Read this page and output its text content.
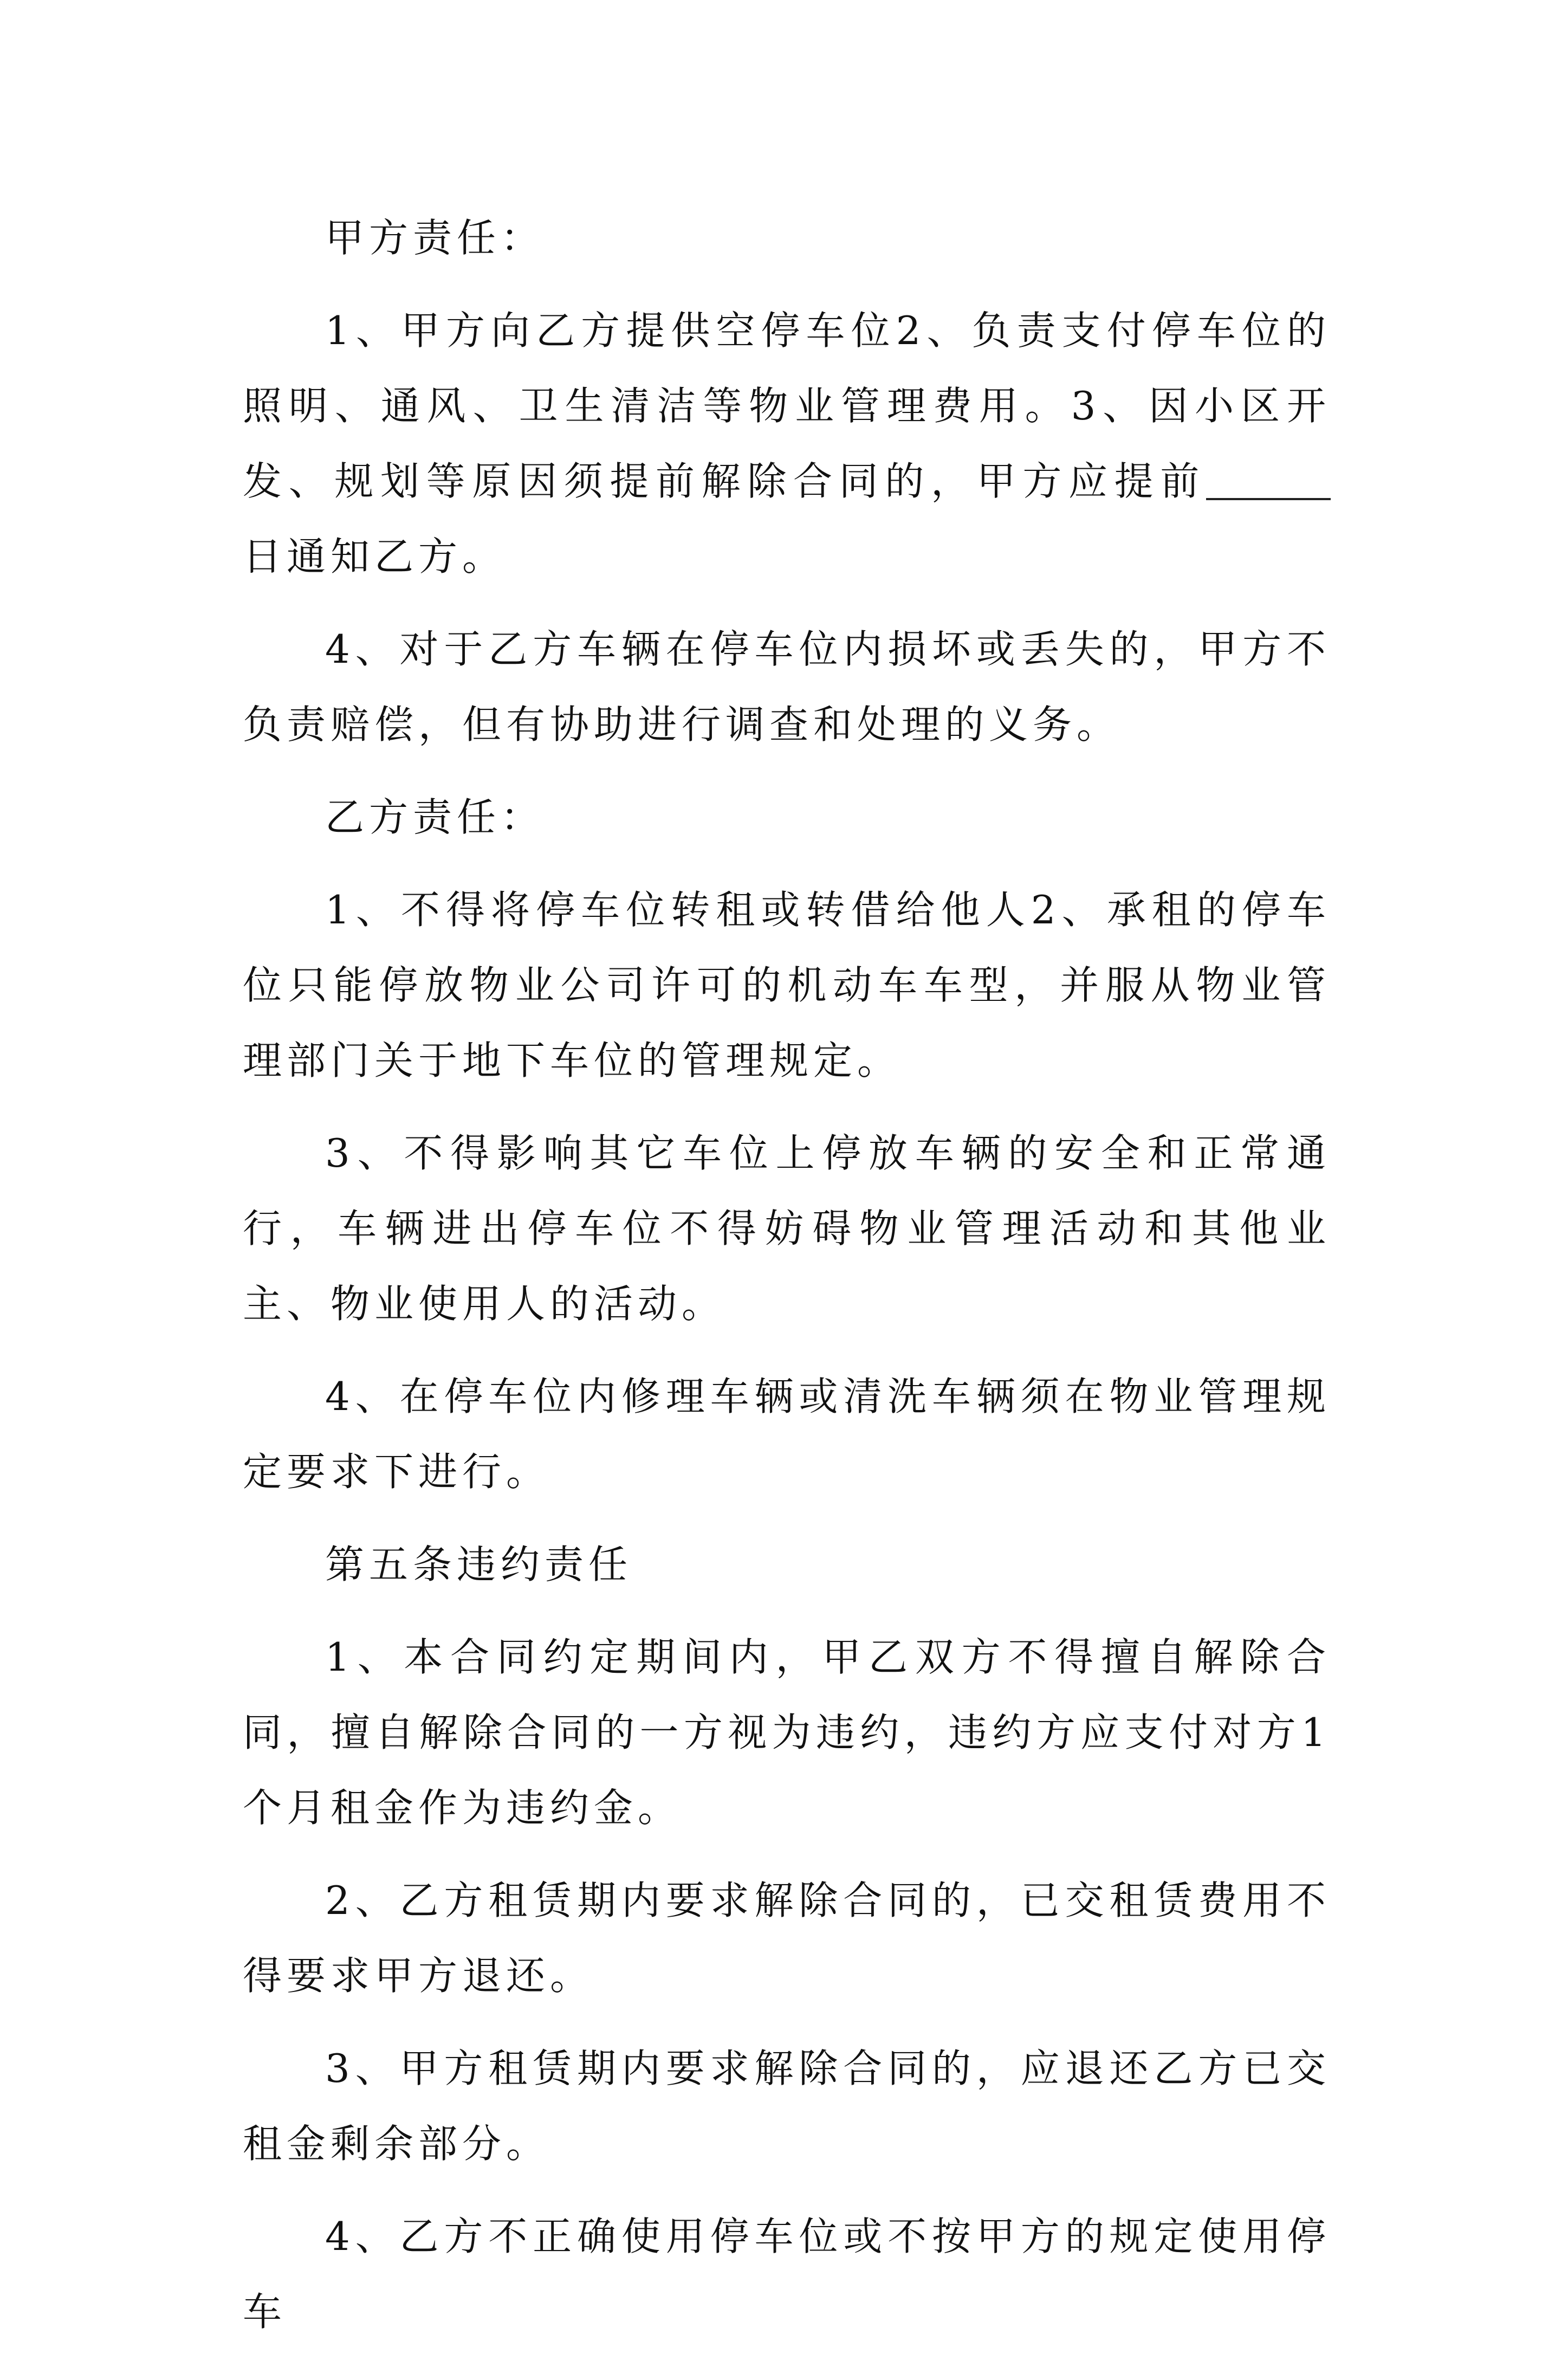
甲方责任：

1、甲方向乙方提供空停车位2、负责支付停车位的照明、通风、卫生清洁等物业管理费用。3、因小区开发、规划等原因须提前解除合同的，甲方应提前日通知乙方。

4、对于乙方车辆在停车位内损坏或丢失的，甲方不负责赔偿，但有协助进行调查和处理的义务。

乙方责任：

1、不得将停车位转租或转借给他人2、承租的停车位只能停放物业公司许可的机动车车型，并服从物业管理部门关于地下车位的管理规定。

3、不得影响其它车位上停放车辆的安全和正常通行，车辆进出停车位不得妨碍物业管理活动和其他业主、物业使用人的活动。

4、在停车位内修理车辆或清洗车辆须在物业管理规定要求下进行。

第五条违约责任

1、本合同约定期间内，甲乙双方不得擅自解除合同，擅自解除合同的一方视为违约，违约方应支付对方1个月租金作为违约金。

2、乙方租赁期内要求解除合同的，已交租赁费用不得要求甲方退还。

3、甲方租赁期内要求解除合同的，应退还乙方已交租金剩余部分。

4、乙方不正确使用停车位或不按甲方的规定使用停车
